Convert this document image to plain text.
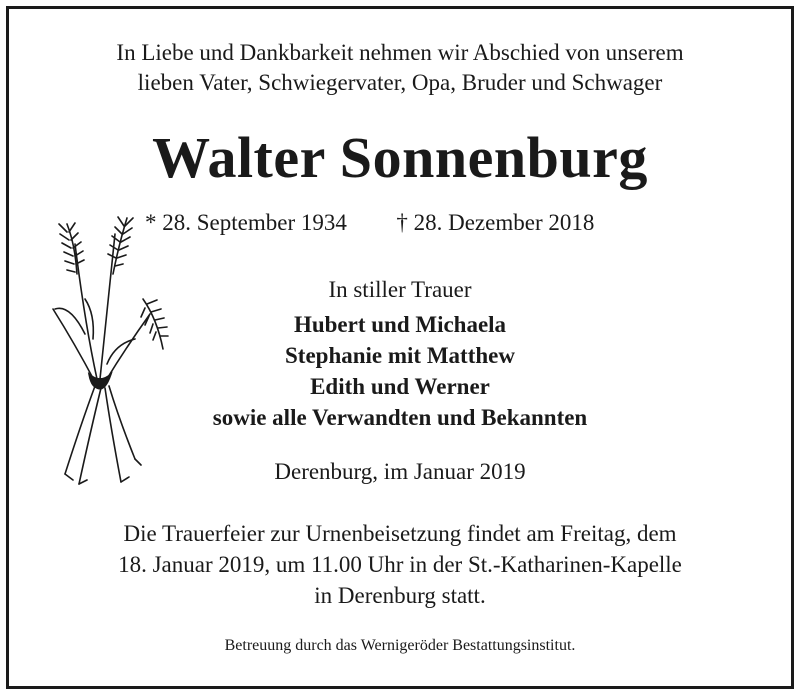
In Liebe und Dankbarkeit nehmen wir Abschied von unserem
lieben Vater, Schwiegervater, Opa, Bruder und Schwager
Walter Sonnenburg
* 28. September 1934 † 28. Dezember 2018
In stiller Trauer
Hubert und Michaela
Stephanie mit Matthew
Edith und Werner
sowie alle Verwandten und Bekannten
Derenburg, im Januar 2019
Die Trauerfeier zur Urnenbeisetzung findet am Freitag, dem
18. Januar 2019, um 11.00 Uhr in der St.-Katharinen-Kapelle
in Derenburg statt.
Betreuung durch das Wernigeröder Bestattungsinstitut.
